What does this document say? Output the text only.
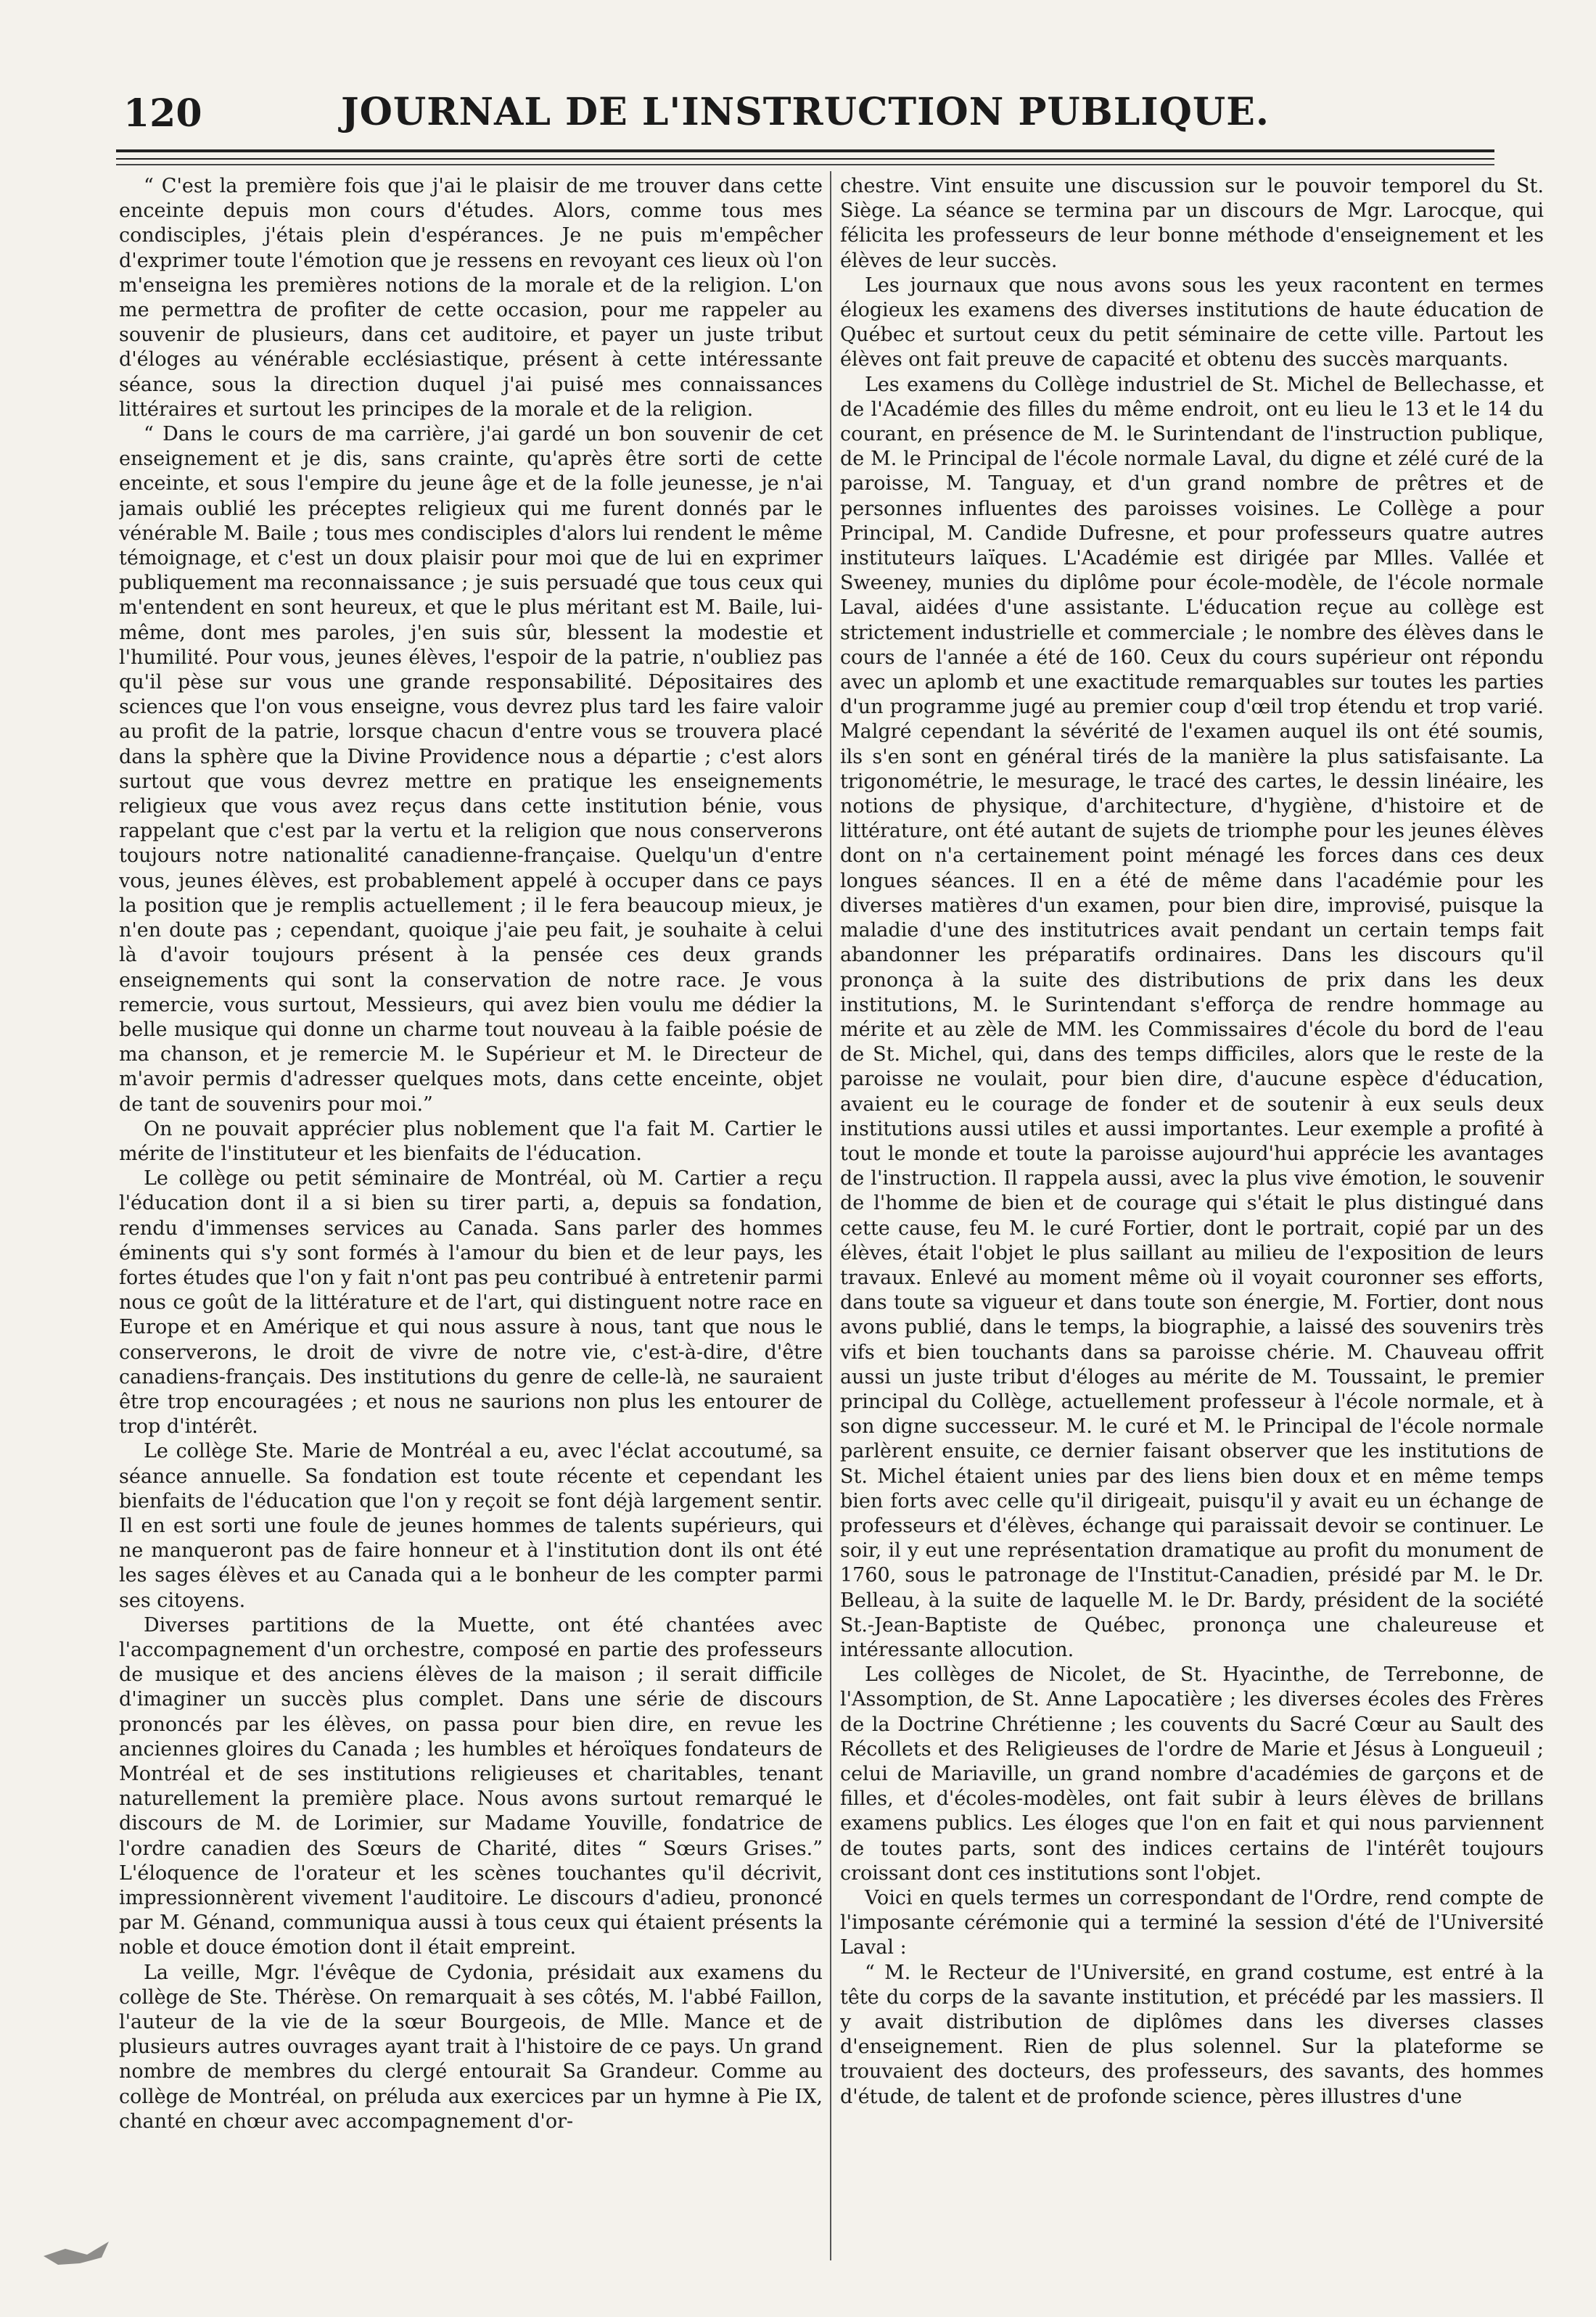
120	JOURNAL DE L'INSTRUCTION PUBLIQUE.

“ C'est la première fois que j'ai le plaisir de me trouver dans cette enceinte depuis mon cours d'études. Alors, comme tous mes condisciples, j'étais plein d'espérances. Je ne puis m'empêcher d'exprimer toute l'émotion que je ressens en revoyant ces lieux où l'on m'enseigna les premières notions de la morale et de la religion. L'on me permettra de profiter de cette occasion, pour me rappeler au souvenir de plusieurs, dans cet auditoire, et payer un juste tribut d'éloges au vénérable ecclésiastique, présent à cette intéressante séance, sous la direction duquel j'ai puisé mes connaissances littéraires et surtout les principes de la morale et de la religion.

“ Dans le cours de ma carrière, j'ai gardé un bon souvenir de cet enseignement et je dis, sans crainte, qu'après être sorti de cette enceinte, et sous l'empire du jeune âge et de la folle jeunesse, je n'ai jamais oublié les préceptes religieux qui me furent donnés par le vénérable M. Baile ; tous mes condisciples d'alors lui rendent le même témoignage, et c'est un doux plaisir pour moi que de lui en exprimer publiquement ma reconnaissance ; je suis persuadé que tous ceux qui m'entendent en sont heureux, et que le plus méritant est M. Baile, lui-même, dont mes paroles, j'en suis sûr, blessent la modestie et l'humilité. Pour vous, jeunes élèves, l'espoir de la patrie, n'oubliez pas qu'il pèse sur vous une grande responsabilité. Dépositaires des sciences que l'on vous enseigne, vous devrez plus tard les faire valoir au profit de la patrie, lorsque chacun d'entre vous se trouvera placé dans la sphère que la Divine Providence nous a départie ; c'est alors surtout que vous devrez mettre en pratique les enseignements religieux que vous avez reçus dans cette institution bénie, vous rappelant que c'est par la vertu et la religion que nous conserverons toujours notre nationalité canadienne-française. Quelqu'un d'entre vous, jeunes élèves, est probablement appelé à occuper dans ce pays la position que je remplis actuellement ; il le fera beaucoup mieux, je n'en doute pas ; cependant, quoique j'aie peu fait, je souhaite à celui là d'avoir toujours présent à la pensée ces deux grands enseignements qui sont la conservation de notre race. Je vous remercie, vous surtout, Messieurs, qui avez bien voulu me dédier la belle musique qui donne un charme tout nouveau à la faible poésie de ma chanson, et je remercie M. le Supérieur et M. le Directeur de m'avoir permis d'adresser quelques mots, dans cette enceinte, objet de tant de souvenirs pour moi.”

On ne pouvait apprécier plus noblement que l'a fait M. Cartier le mérite de l'instituteur et les bienfaits de l'éducation.

Le collège ou petit séminaire de Montréal, où M. Cartier a reçu l'éducation dont il a si bien su tirer parti, a, depuis sa fondation, rendu d'immenses services au Canada. Sans parler des hommes éminents qui s'y sont formés à l'amour du bien et de leur pays, les fortes études que l'on y fait n'ont pas peu contribué à entretenir parmi nous ce goût de la littérature et de l'art, qui distinguent notre race en Europe et en Amérique et qui nous assure à nous, tant que nous le conserverons, le droit de vivre de notre vie, c'est-à-dire, d'être canadiens-français. Des institutions du genre de celle-là, ne sauraient être trop encouragées ; et nous ne saurions non plus les entourer de trop d'intérêt.

Le collège Ste. Marie de Montréal a eu, avec l'éclat accoutumé, sa séance annuelle. Sa fondation est toute récente et cependant les bienfaits de l'éducation que l'on y reçoit se font déjà largement sentir. Il en est sorti une foule de jeunes hommes de talents supérieurs, qui ne manqueront pas de faire honneur et à l'institution dont ils ont été les sages élèves et au Canada qui a le bonheur de les compter parmi ses citoyens.

Diverses partitions de la Muette, ont été chantées avec l'accompagnement d'un orchestre, composé en partie des professeurs de musique et des anciens élèves de la maison ; il serait difficile d'imaginer un succès plus complet. Dans une série de discours prononcés par les élèves, on passa pour bien dire, en revue les anciennes gloires du Canada ; les humbles et héroïques fondateurs de Montréal et de ses institutions religieuses et charitables, tenant naturellement la première place. Nous avons surtout remarqué le discours de M. de Lorimier, sur Madame Youville, fondatrice de l'ordre canadien des Sœurs de Charité, dites “ Sœurs Grises.” L'éloquence de l'orateur et les scènes touchantes qu'il décrivit, impressionnèrent vivement l'auditoire. Le discours d'adieu, prononcé par M. Génand, communiqua aussi à tous ceux qui étaient présents la noble et douce émotion dont il était empreint.

La veille, Mgr. l'évêque de Cydonia, présidait aux examens du collège de Ste. Thérèse. On remarquait à ses côtés, M. l'abbé Faillon, l'auteur de la vie de la sœur Bourgeois, de Mlle. Mance et de plusieurs autres ouvrages ayant trait à l'histoire de ce pays. Un grand nombre de membres du clergé entourait Sa Grandeur. Comme au collège de Montréal, on préluda aux exercices par un hymne à Pie IX, chanté en chœur avec accompagnement d'or-

chestre. Vint ensuite une discussion sur le pouvoir temporel du St. Siège. La séance se termina par un discours de Mgr. Larocque, qui félicita les professeurs de leur bonne méthode d'enseignement et les élèves de leur succès.

Les journaux que nous avons sous les yeux racontent en termes élogieux les examens des diverses institutions de haute éducation de Québec et surtout ceux du petit séminaire de cette ville. Partout les élèves ont fait preuve de capacité et obtenu des succès marquants.

Les examens du Collège industriel de St. Michel de Bellechasse, et de l'Académie des filles du même endroit, ont eu lieu le 13 et le 14 du courant, en présence de M. le Surintendant de l'instruction publique, de M. le Principal de l'école normale Laval, du digne et zélé curé de la paroisse, M. Tanguay, et d'un grand nombre de prêtres et de personnes influentes des paroisses voisines. Le Collège a pour Principal, M. Candide Dufresne, et pour professeurs quatre autres instituteurs laïques. L'Académie est dirigée par Mlles. Vallée et Sweeney, munies du diplôme pour école-modèle, de l'école normale Laval, aidées d'une assistante. L'éducation reçue au collège est strictement industrielle et commerciale ; le nombre des élèves dans le cours de l'année a été de 160. Ceux du cours supérieur ont répondu avec un aplomb et une exactitude remarquables sur toutes les parties d'un programme jugé au premier coup d'œil trop étendu et trop varié. Malgré cependant la sévérité de l'examen auquel ils ont été soumis, ils s'en sont en général tirés de la manière la plus satisfaisante. La trigonométrie, le mesurage, le tracé des cartes, le dessin linéaire, les notions de physique, d'architecture, d'hygiène, d'histoire et de littérature, ont été autant de sujets de triomphe pour les jeunes élèves dont on n'a certainement point ménagé les forces dans ces deux longues séances. Il en a été de même dans l'académie pour les diverses matières d'un examen, pour bien dire, improvisé, puisque la maladie d'une des institutrices avait pendant un certain temps fait abandonner les préparatifs ordinaires. Dans les discours qu'il prononça à la suite des distributions de prix dans les deux institutions, M. le Surintendant s'efforça de rendre hommage au mérite et au zèle de MM. les Commissaires d'école du bord de l'eau de St. Michel, qui, dans des temps difficiles, alors que le reste de la paroisse ne voulait, pour bien dire, d'aucune espèce d'éducation, avaient eu le courage de fonder et de soutenir à eux seuls deux institutions aussi utiles et aussi importantes. Leur exemple a profité à tout le monde et toute la paroisse aujourd'hui apprécie les avantages de l'instruction. Il rappela aussi, avec la plus vive émotion, le souvenir de l'homme de bien et de courage qui s'était le plus distingué dans cette cause, feu M. le curé Fortier, dont le portrait, copié par un des élèves, était l'objet le plus saillant au milieu de l'exposition de leurs travaux. Enlevé au moment même où il voyait couronner ses efforts, dans toute sa vigueur et dans toute son énergie, M. Fortier, dont nous avons publié, dans le temps, la biographie, a laissé des souvenirs très vifs et bien touchants dans sa paroisse chérie. M. Chauveau offrit aussi un juste tribut d'éloges au mérite de M. Toussaint, le premier principal du Collège, actuellement professeur à l'école normale, et à son digne successeur. M. le curé et M. le Principal de l'école normale parlèrent ensuite, ce dernier faisant observer que les institutions de St. Michel étaient unies par des liens bien doux et en même temps bien forts avec celle qu'il dirigeait, puisqu'il y avait eu un échange de professeurs et d'élèves, échange qui paraissait devoir se continuer. Le soir, il y eut une représentation dramatique au profit du monument de 1760, sous le patronage de l'Institut-Canadien, présidé par M. le Dr. Belleau, à la suite de laquelle M. le Dr. Bardy, président de la société St.-Jean-Baptiste de Québec, prononça une chaleureuse et intéressante allocution.

Les collèges de Nicolet, de St. Hyacinthe, de Terrebonne, de l'Assomption, de St. Anne Lapocatière ; les diverses écoles des Frères de la Doctrine Chrétienne ; les couvents du Sacré Cœur au Sault des Récollets et des Religieuses de l'ordre de Marie et Jésus à Longueuil ; celui de Mariaville, un grand nombre d'académies de garçons et de filles, et d'écoles-modèles, ont fait subir à leurs élèves de brillans examens publics. Les éloges que l'on en fait et qui nous parviennent de toutes parts, sont des indices certains de l'intérêt toujours croissant dont ces institutions sont l'objet.

Voici en quels termes un correspondant de l'Ordre, rend compte de l'imposante cérémonie qui a terminé la session d'été de l'Université Laval :

“ M. le Recteur de l'Université, en grand costume, est entré à la tête du corps de la savante institution, et précédé par les massiers. Il y avait distribution de diplômes dans les diverses classes d'enseignement. Rien de plus solennel. Sur la plateforme se trouvaient des docteurs, des professeurs, des savants, des hommes d'étude, de talent et de profonde science, pères illustres d'une
